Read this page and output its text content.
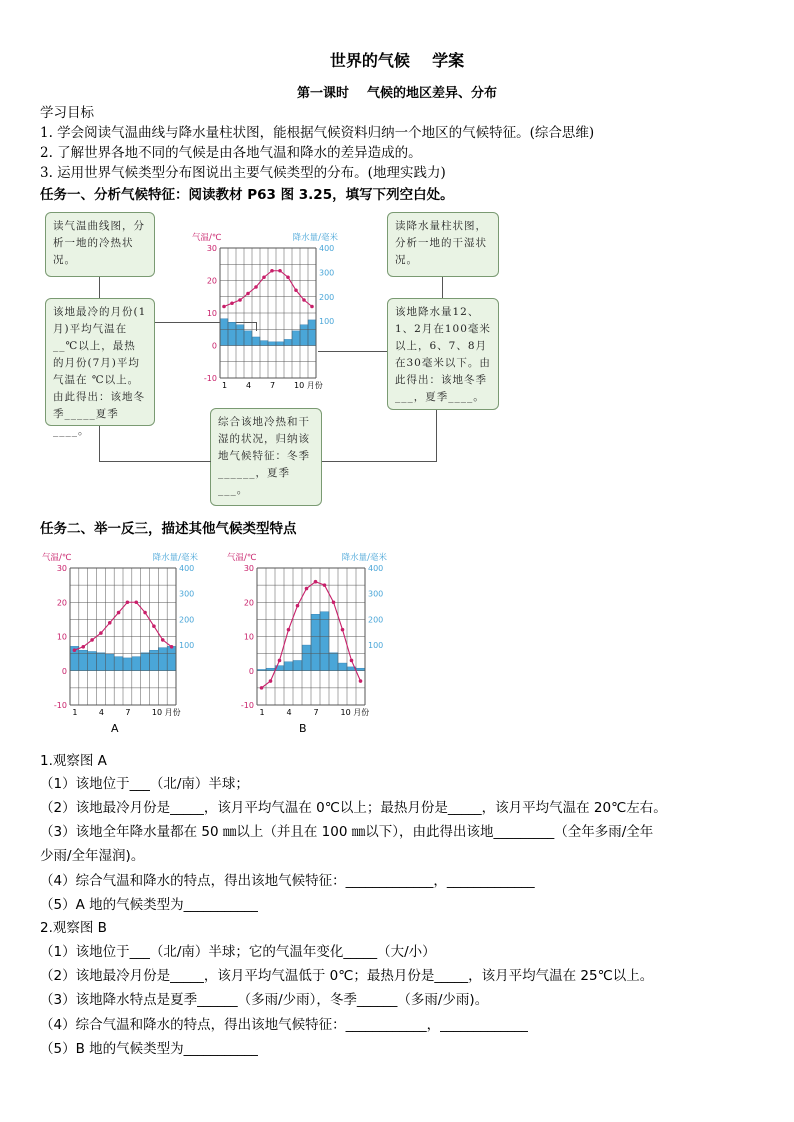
世界的气候    学案
第一课时    气候的地区差异、分布
学习目标
1. 学会阅读气温曲线与降水量柱状图，能根据气候资料归纳一个地区的气候特征。(综合思维)
2. 了解世界各地不同的气候是由各地气温和降水的差异造成的。
3. 运用世界气候类型分布图说出主要气候类型的分布。(地理实践力)
任务一、分析气候特征：阅读教材 P63 图 3.25，填写下列空白处。
读气温曲线图，分析一地的冷热状况。
该地最冷的月份(1月)平均气温在__℃以上，最热的月份(7月)平均气温在 ℃以上。由此得出：该地冬季_____夏季____。
读降水量柱状图，分析一地的干湿状况。
该地降水量12、1、2月在100毫米以上，6、7、8月 在30毫米以下。由此得出：该地冬季___，夏季____。
综合该地冷热和干湿的状况，归纳该地气候特征：冬季______，夏季___。
气温/℃	降水量/毫米
30
20
10
0
-10
400
300
200
100
1 4 7 10 月份
气温/℃	降水量/毫米
30
20
10
0
-10
400
300
200
100
1	4	7	10 月份
A
气温/℃	降水量/毫米
30
20
10
0
-10
400
300
200
100
1	4	7	10 月份
B
任务二、举一反三，描述其他气候类型特点
1.观察图 A
（1）该地位于___（北/南）半球；
（2）该地最冷月份是_____，该月平均气温在 0℃以上；最热月份是_____，该月平均气温在 20℃左右。
（3）该地全年降水量都在 50 ㎜以上（并且在 100 ㎜以下），由此得出该地_________（全年多雨/全年
少雨/全年湿润)。
（4）综合气温和降水的特点，得出该地气候特征：_____________，_____________
（5）A 地的气候类型为___________
2.观察图 B
（1）该地位于___（北/南）半球；它的气温年变化_____（大/小）
（2）该地最冷月份是_____，该月平均气温低于 0℃；最热月份是_____，该月平均气温在 25℃以上。
（3）该地降水特点是夏季______（多雨/少雨），冬季______（多雨/少雨)。
（4）综合气温和降水的特点，得出该地气候特征：____________，_____________
（5）B 地的气候类型为___________
